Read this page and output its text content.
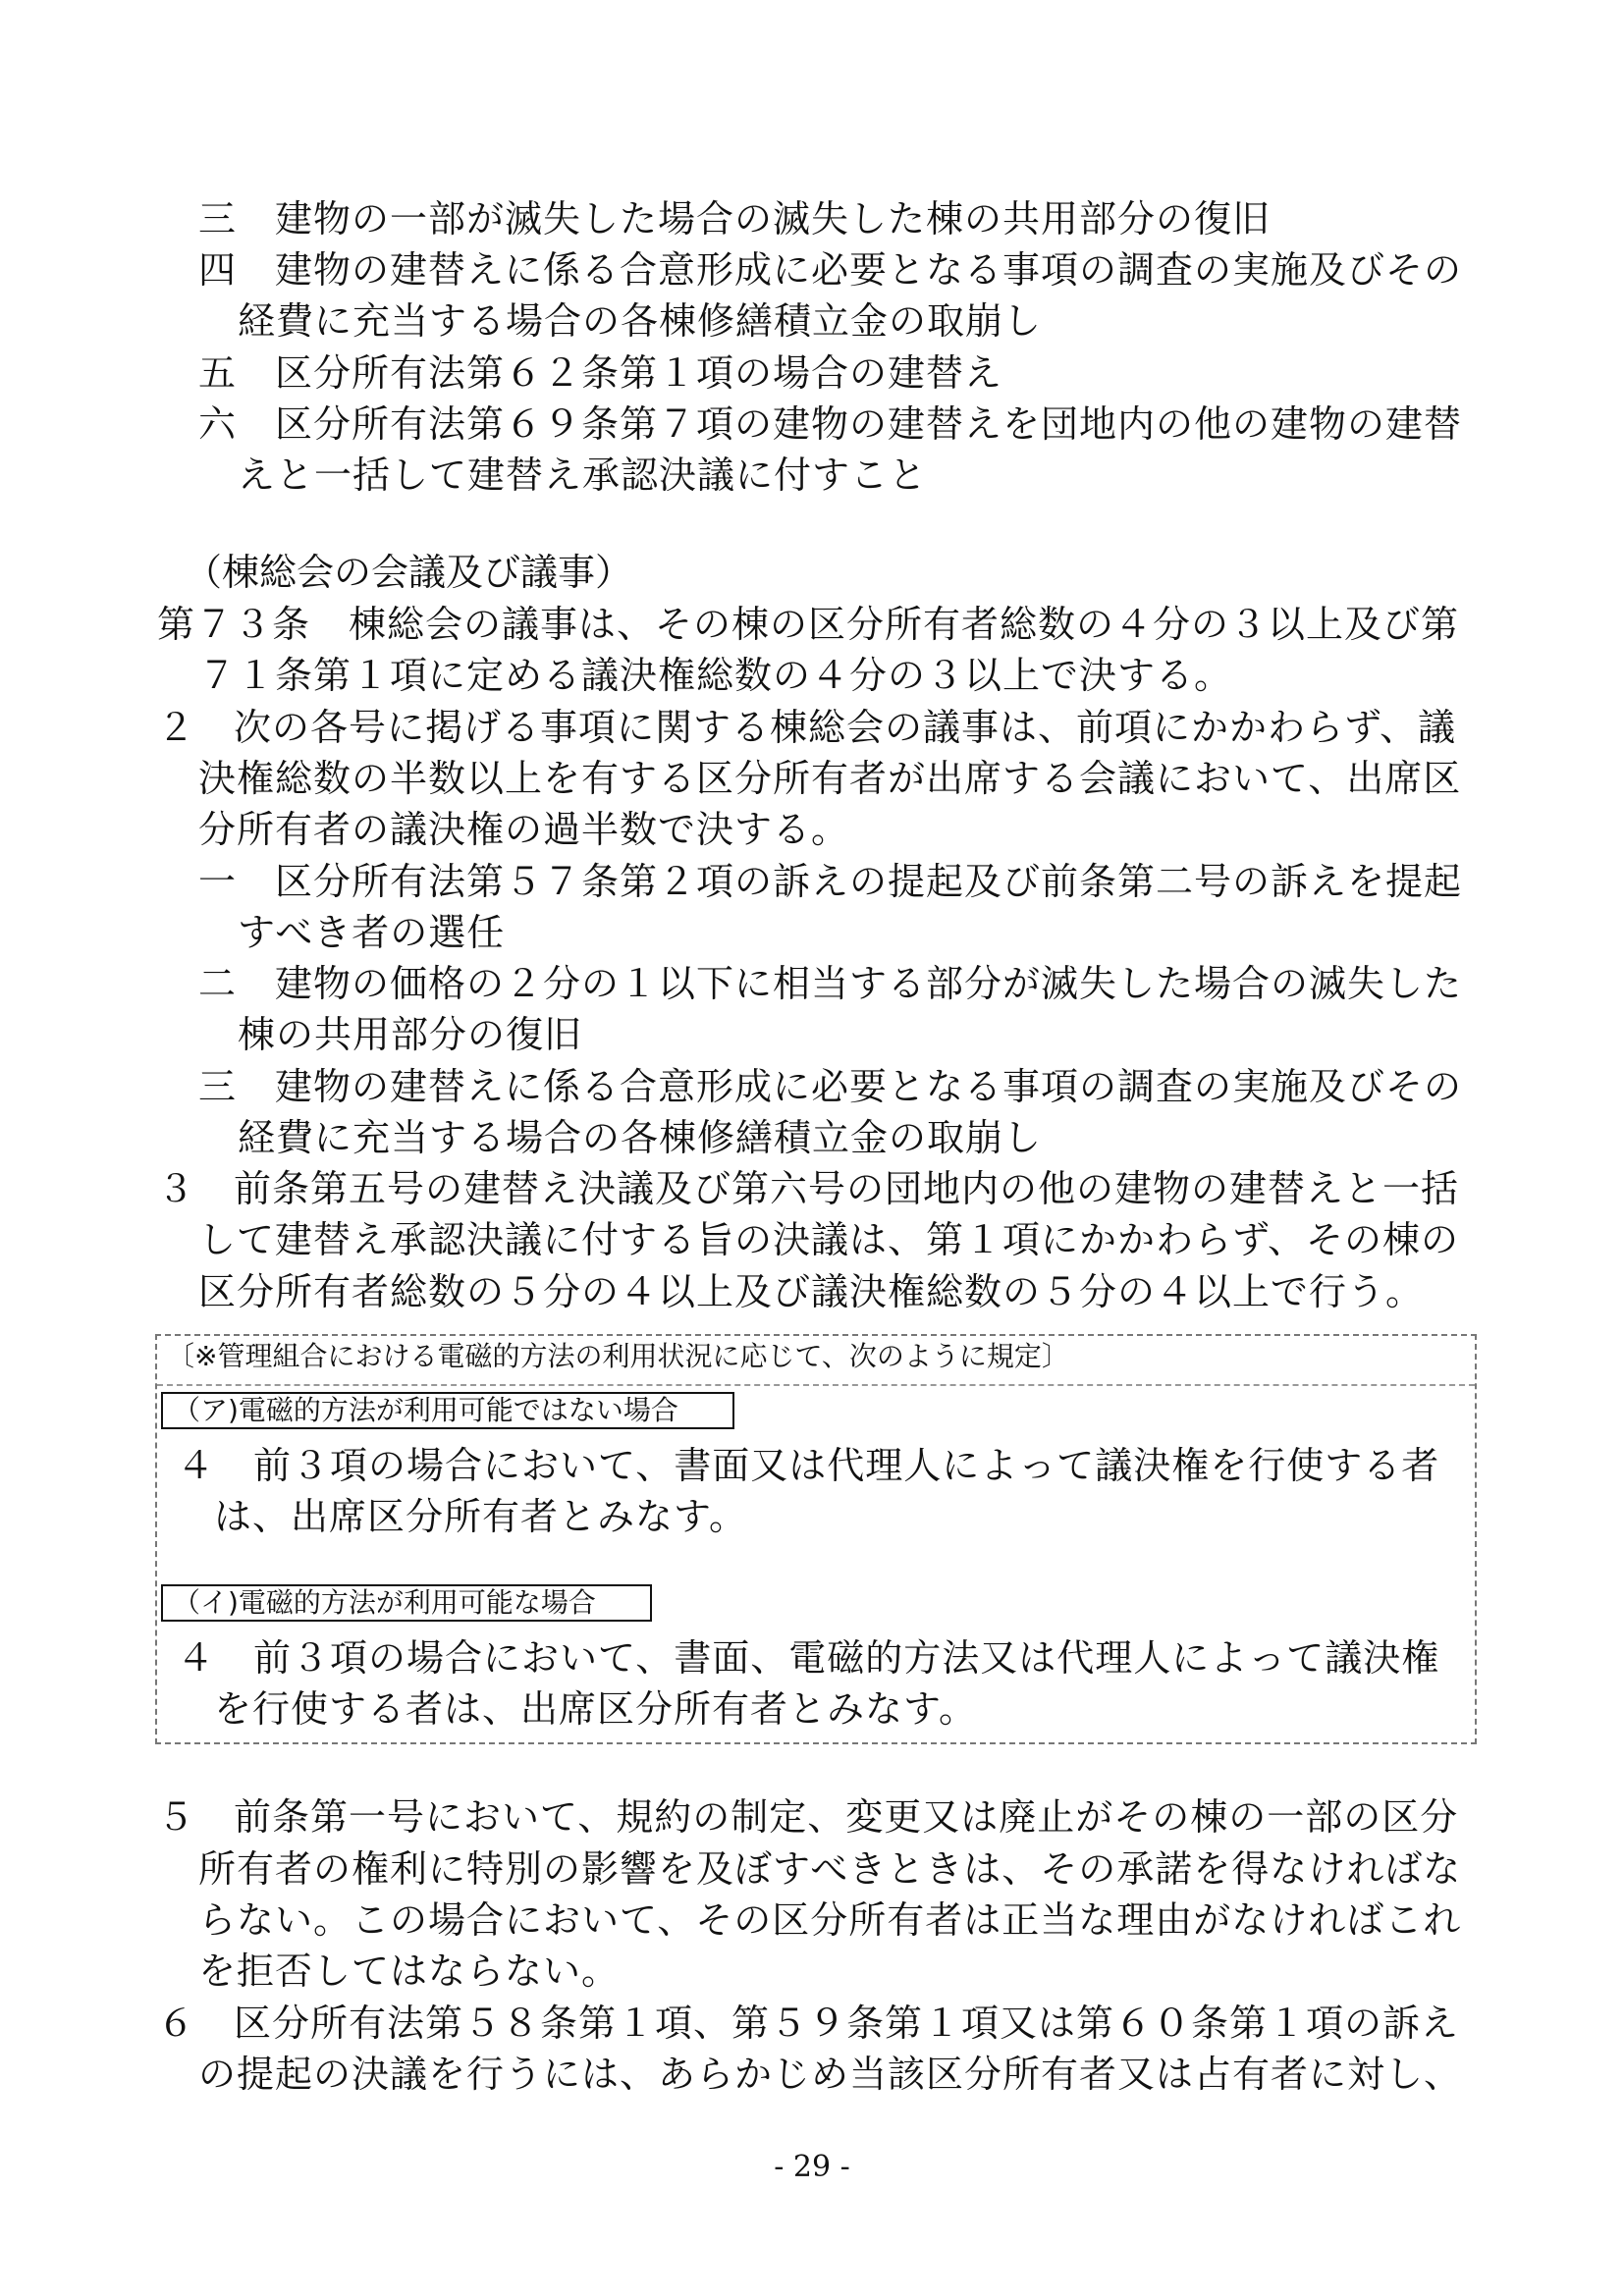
三　建物の一部が滅失した場合の滅失した棟の共用部分の復旧
四　建物の建替えに係る合意形成に必要となる事項の調査の実施及びその
経費に充当する場合の各棟修繕積立金の取崩し
五　区分所有法第６２条第１項の場合の建替え
六　区分所有法第６９条第７項の建物の建替えを団地内の他の建物の建替
えと一括して建替え承認決議に付すこと
（棟総会の会議及び議事）
第７３条　棟総会の議事は、その棟の区分所有者総数の４分の３以上及び第
７１条第１項に定める議決権総数の４分の３以上で決する。
２　次の各号に掲げる事項に関する棟総会の議事は、前項にかかわらず、議
決権総数の半数以上を有する区分所有者が出席する会議において、出席区
分所有者の議決権の過半数で決する。
一　区分所有法第５７条第２項の訴えの提起及び前条第二号の訴えを提起
すべき者の選任
二　建物の価格の２分の１以下に相当する部分が滅失した場合の滅失した
棟の共用部分の復旧
三　建物の建替えに係る合意形成に必要となる事項の調査の実施及びその
経費に充当する場合の各棟修繕積立金の取崩し
３　前条第五号の建替え決議及び第六号の団地内の他の建物の建替えと一括
して建替え承認決議に付する旨の決議は、第１項にかかわらず、その棟の
区分所有者総数の５分の４以上及び議決権総数の５分の４以上で行う。
〔※管理組合における電磁的方法の利用状況に応じて、次のように規定〕
（ア)電磁的方法が利用可能ではない場合
４　前３項の場合において、書面又は代理人によって議決権を行使する者
は、出席区分所有者とみなす。
（イ)電磁的方法が利用可能な場合
４　前３項の場合において、書面、電磁的方法又は代理人によって議決権
を行使する者は、出席区分所有者とみなす。
５　前条第一号において、規約の制定、変更又は廃止がその棟の一部の区分
所有者の権利に特別の影響を及ぼすべきときは、その承諾を得なければな
らない。この場合において、その区分所有者は正当な理由がなければこれ
を拒否してはならない。
６　区分所有法第５８条第１項、第５９条第１項又は第６０条第１項の訴え
の提起の決議を行うには、あらかじめ当該区分所有者又は占有者に対し、
- 29 -
